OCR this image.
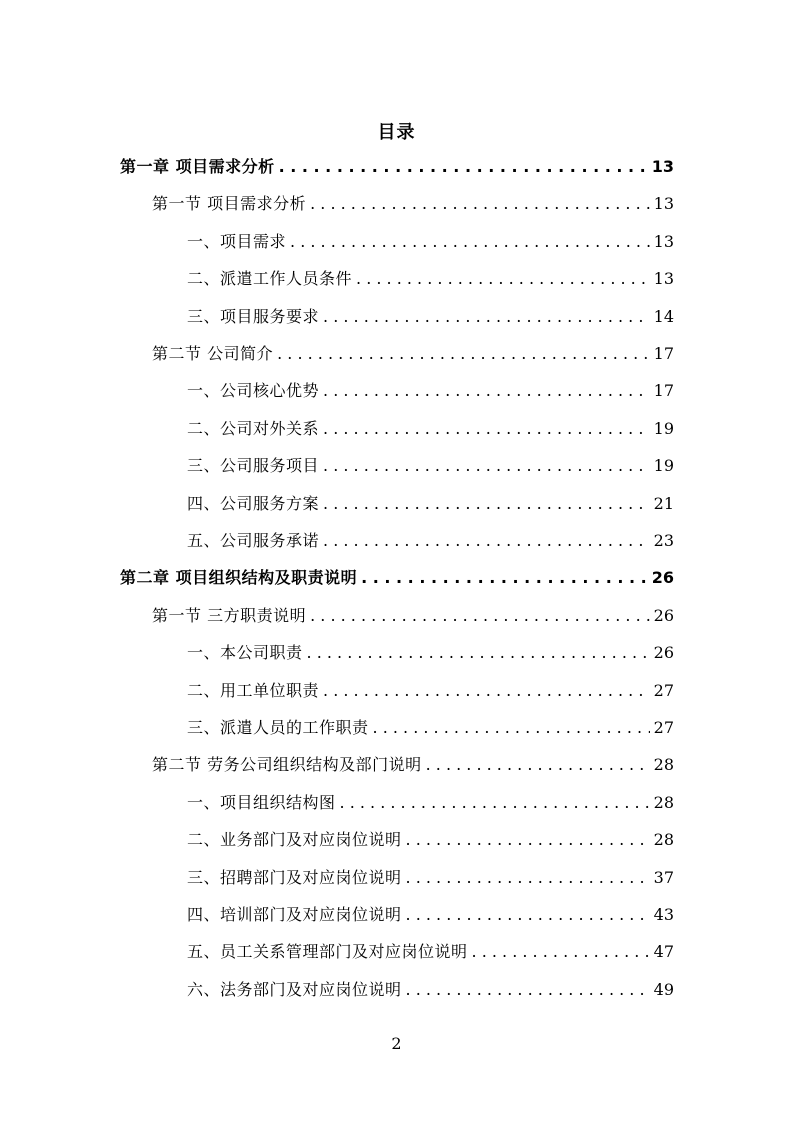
目录
第一章 项目需求分析 . . .	13
第一节 项目需求分析 . . .	13
一、项目需求 . . .	13
二、派遣工作人员条件 . . .	13
三、项目服务要求 . . .	14
第二节 公司简介 . . .	17
一、公司核心优势 . . .	17
二、公司对外关系 . . .	19
三、公司服务项目 . . .	19
四、公司服务方案 . . .	21
五、公司服务承诺 . . .	23
第二章 项目组织结构及职责说明 . . .	26
第一节 三方职责说明 . . .	26
一、本公司职责 . . .	26
二、用工单位职责 . . .	27
三、派遣人员的工作职责 . . .	27
第二节 劳务公司组织结构及部门说明 . . .	28
一、项目组织结构图 . . .	28
二、业务部门及对应岗位说明 . . .	28
三、招聘部门及对应岗位说明 . . .	37
四、培训部门及对应岗位说明 . . .	43
五、员工关系管理部门及对应岗位说明 . . .	47
六、法务部门及对应岗位说明 . . .	49
2
